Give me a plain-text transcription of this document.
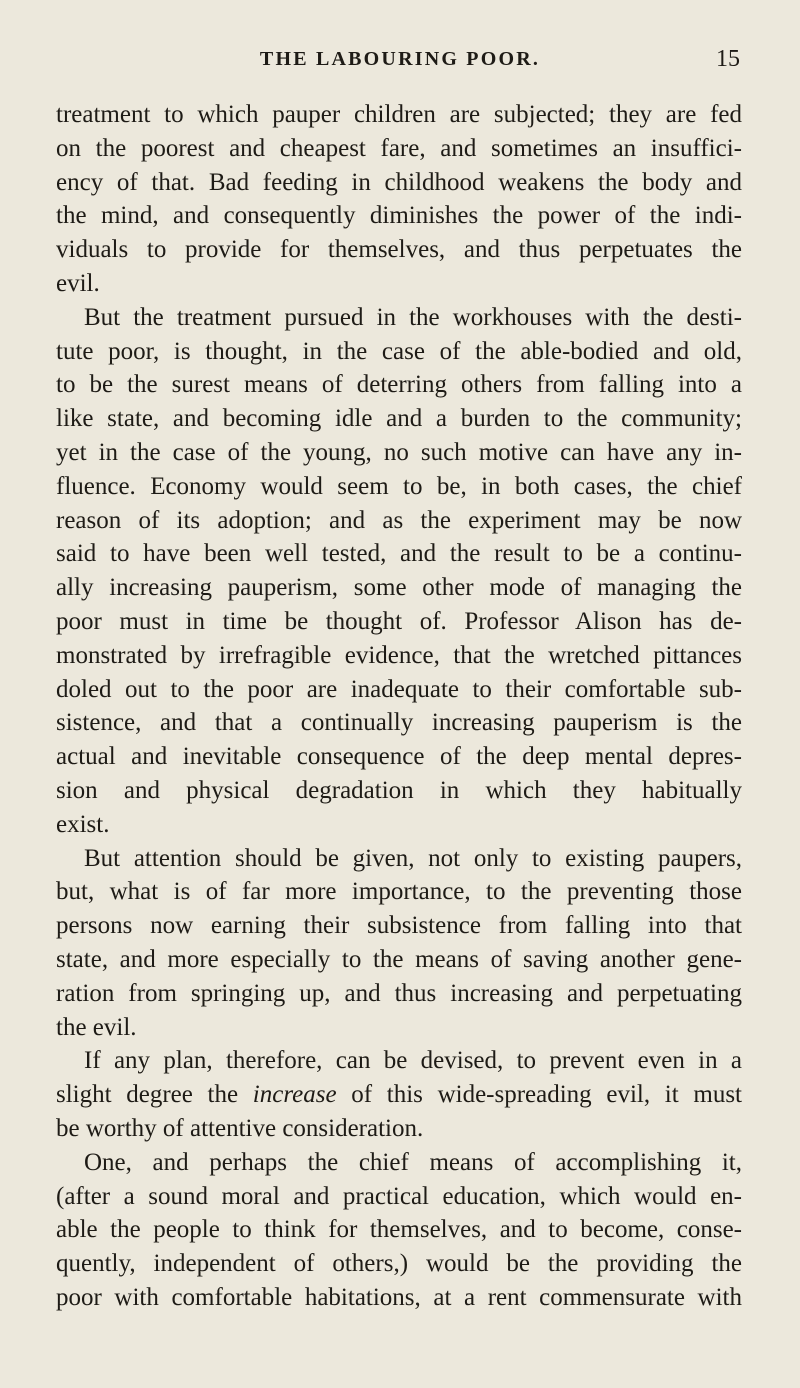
THE LABOURING POOR.	15
treatment to which pauper children are subjected; they are fed
on the poorest and cheapest fare, and sometimes an insuffici-
ency of that. Bad feeding in childhood weakens the body and
the mind, and consequently diminishes the power of the indi-
viduals to provide for themselves, and thus perpetuates the
evil.
But the treatment pursued in the workhouses with the desti-
tute poor, is thought, in the case of the able-bodied and old,
to be the surest means of deterring others from falling into a
like state, and becoming idle and a burden to the community;
yet in the case of the young, no such motive can have any in-
fluence. Economy would seem to be, in both cases, the chief
reason of its adoption; and as the experiment may be now
said to have been well tested, and the result to be a continu-
ally increasing pauperism, some other mode of managing the
poor must in time be thought of. Professor Alison has de-
monstrated by irrefragible evidence, that the wretched pittances
doled out to the poor are inadequate to their comfortable sub-
sistence, and that a continually increasing pauperism is the
actual and inevitable consequence of the deep mental depres-
sion and physical degradation in which they habitually
exist.
But attention should be given, not only to existing paupers,
but, what is of far more importance, to the preventing those
persons now earning their subsistence from falling into that
state, and more especially to the means of saving another gene-
ration from springing up, and thus increasing and perpetuating
the evil.
If any plan, therefore, can be devised, to prevent even in a
slight degree the increase of this wide-spreading evil, it must
be worthy of attentive consideration.
One, and perhaps the chief means of accomplishing it,
(after a sound moral and practical education, which would en-
able the people to think for themselves, and to become, conse-
quently, independent of others,) would be the providing the
poor with comfortable habitations, at a rent commensurate with
